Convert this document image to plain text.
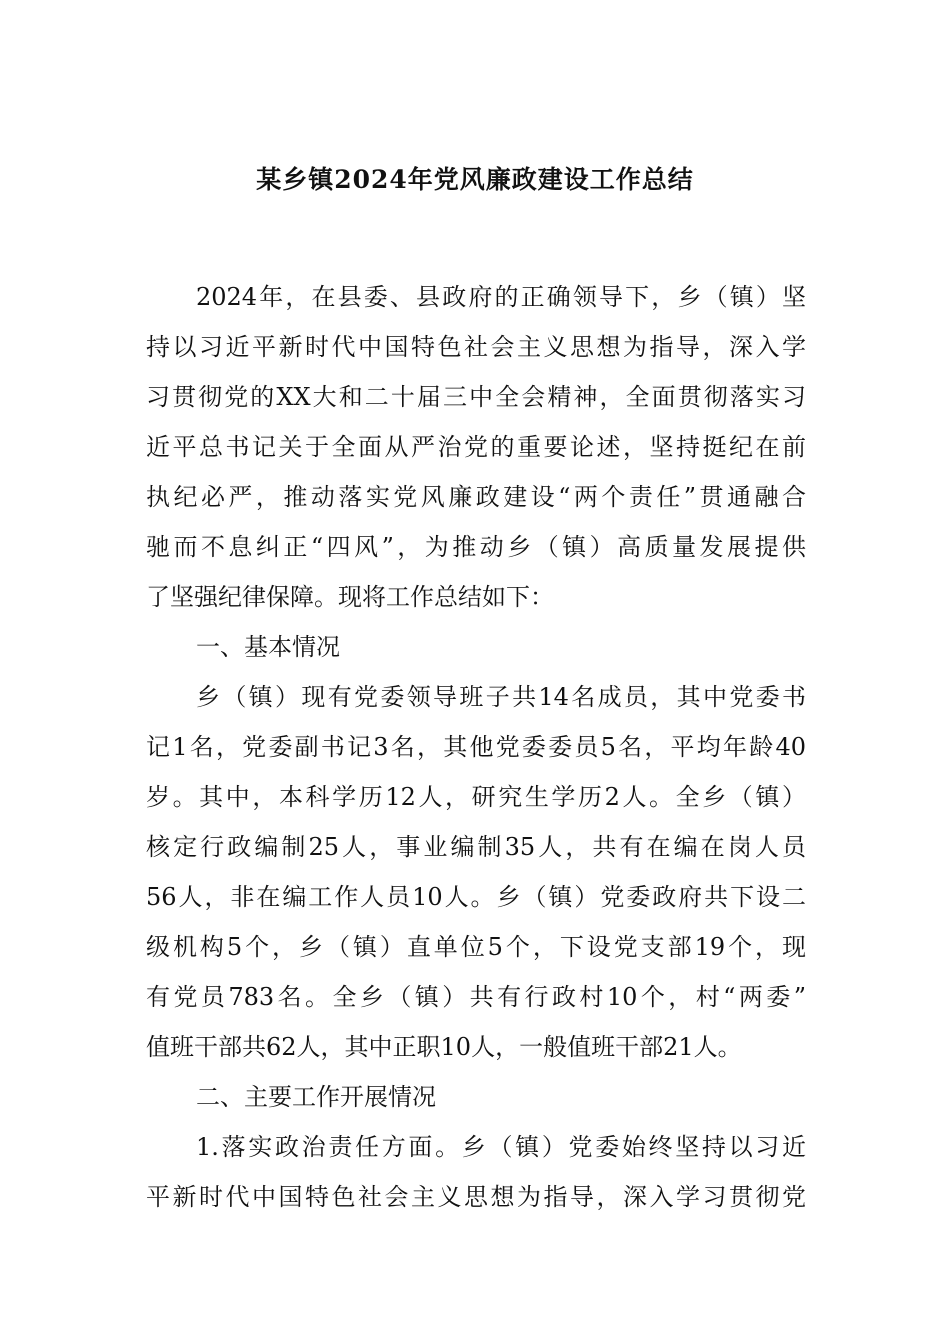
某乡镇2024年党风廉政建设工作总结
2024年，在县委、县政府的正确领导下，乡（镇）坚
持以习近平新时代中国特色社会主义思想为指导，深入学
习贯彻党的XX大和二十届三中全会精神，全面贯彻落实习
近平总书记关于全面从严治党的重要论述，坚持挺纪在前
执纪必严，推动落实党风廉政建设“两个责任”贯通融合
驰而不息纠正“四风”，为推动乡（镇）高质量发展提供
了坚强纪律保障。现将工作总结如下：
一、基本情况
乡（镇）现有党委领导班子共14名成员，其中党委书
记1名，党委副书记3名，其他党委委员5名，平均年龄40
岁。其中，本科学历12人，研究生学历2人。全乡（镇）
核定行政编制25人，事业编制35人，共有在编在岗人员
56人，非在编工作人员10人。乡（镇）党委政府共下设二
级机构5个，乡（镇）直单位5个，下设党支部19个，现
有党员783名。全乡（镇）共有行政村10个，村“两委”
值班干部共62人，其中正职10人，一般值班干部21人。
二、主要工作开展情况
1.落实政治责任方面。乡（镇）党委始终坚持以习近
平新时代中国特色社会主义思想为指导，深入学习贯彻党
